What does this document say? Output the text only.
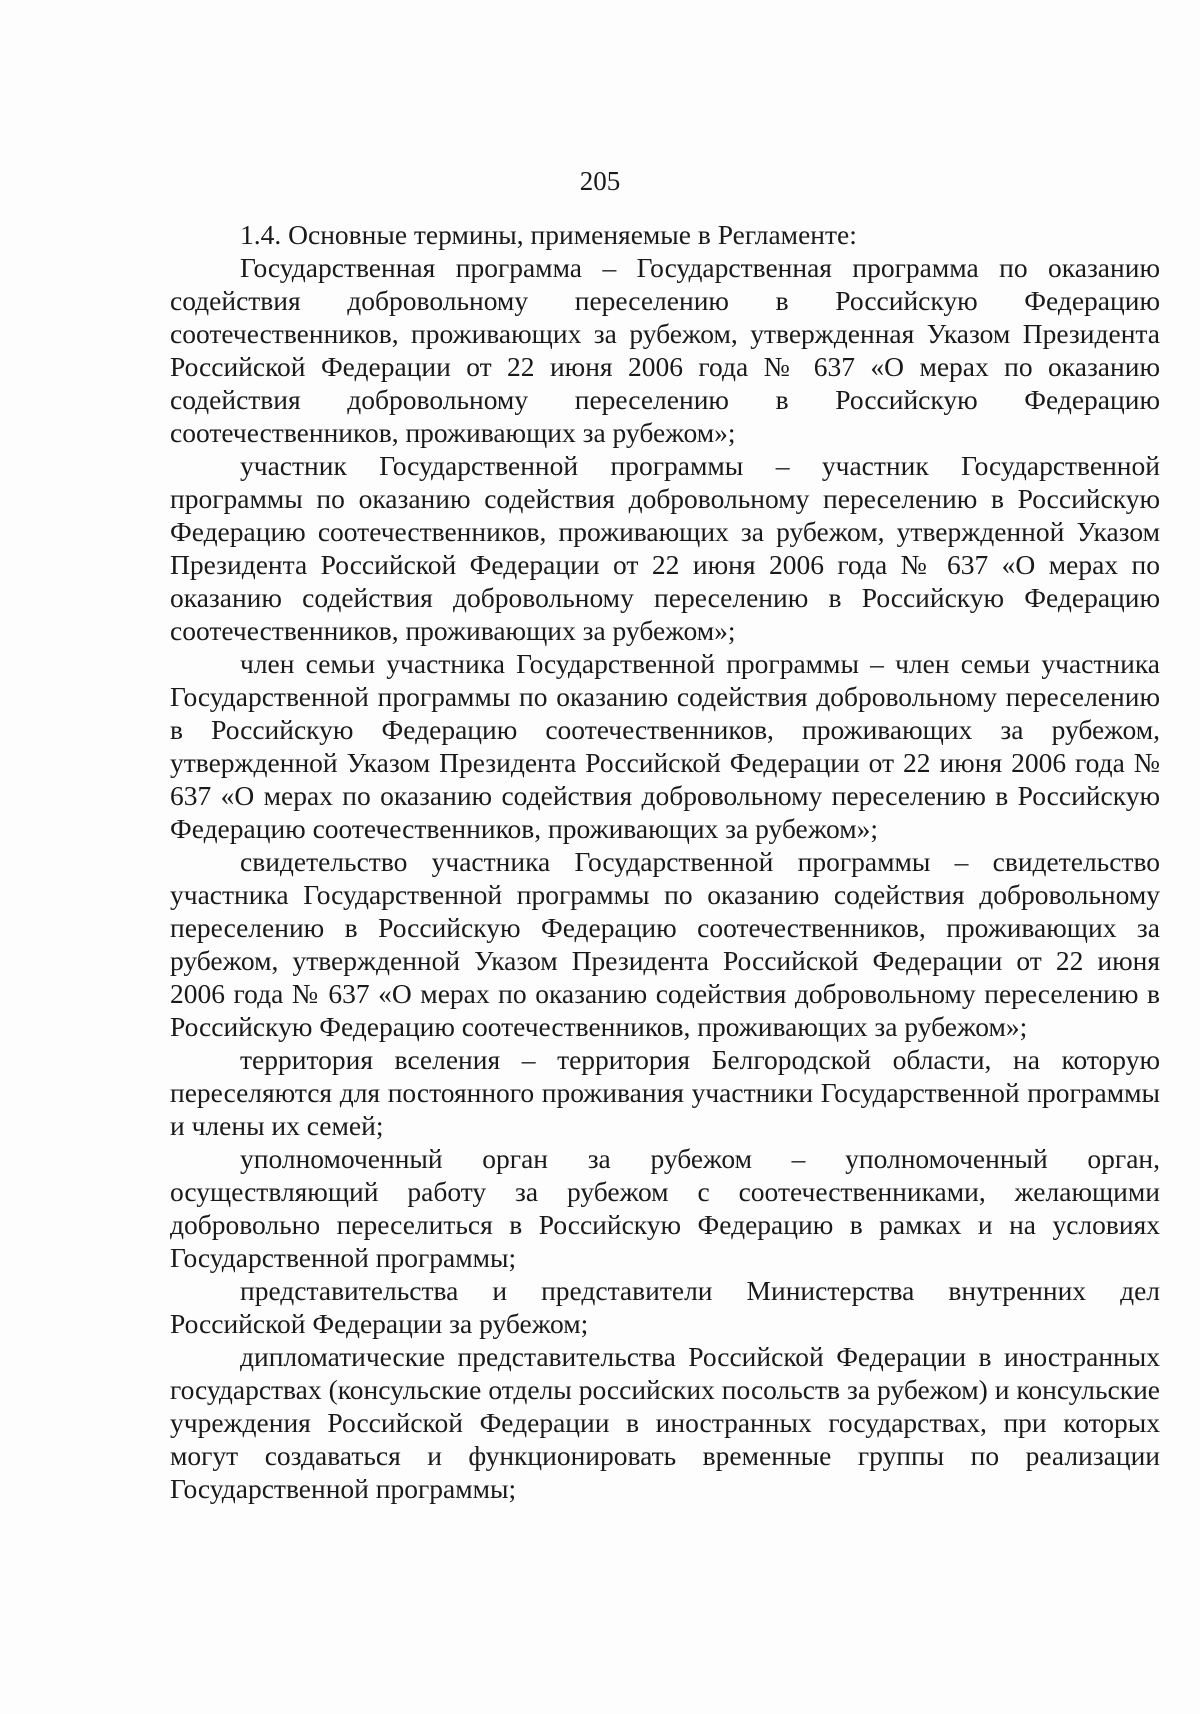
205

1.4. Основные термины, применяемые в Регламенте:

Государственная программа – Государственная программа по оказанию содействия добровольному переселению в Российскую Федерацию соотечественников, проживающих за рубежом, утвержденная Указом Президента Российской Федерации от 22 июня 2006 года № 637 «О мерах по оказанию содействия добровольному переселению в Российскую Федерацию соотечественников, проживающих за рубежом»;

участник Государственной программы – участник Государственной программы по оказанию содействия добровольному переселению в Российскую Федерацию соотечественников, проживающих за рубежом, утвержденной Указом Президента Российской Федерации от 22 июня 2006 года № 637 «О мерах по оказанию содействия добровольному переселению в Российскую Федерацию соотечественников, проживающих за рубежом»;

член семьи участника Государственной программы – член семьи участника Государственной программы по оказанию содействия добровольному переселению в Российскую Федерацию соотечественников, проживающих за рубежом, утвержденной Указом Президента Российской Федерации от 22 июня 2006 года № 637 «О мерах по оказанию содействия добровольному переселению в Российскую Федерацию соотечественников, проживающих за рубежом»;

свидетельство участника Государственной программы – свидетельство участника Государственной программы по оказанию содействия добровольному переселению в Российскую Федерацию соотечественников, проживающих за рубежом, утвержденной Указом Президента Российской Федерации от 22 июня 2006 года № 637 «О мерах по оказанию содействия добровольному переселению в Российскую Федерацию соотечественников, проживающих за рубежом»;

территория вселения – территория Белгородской области, на которую переселяются для постоянного проживания участники Государственной программы и члены их семей;

уполномоченный орган за рубежом – уполномоченный орган, осуществляющий работу за рубежом с соотечественниками, желающими добровольно переселиться в Российскую Федерацию в рамках и на условиях Государственной программы;

представительства и представители Министерства внутренних дел Российской Федерации за рубежом;

дипломатические представительства Российской Федерации в иностранных государствах (консульские отделы российских посольств за рубежом) и консульские учреждения Российской Федерации в иностранных государствах, при которых могут создаваться и функционировать временные группы по реализации Государственной программы;
